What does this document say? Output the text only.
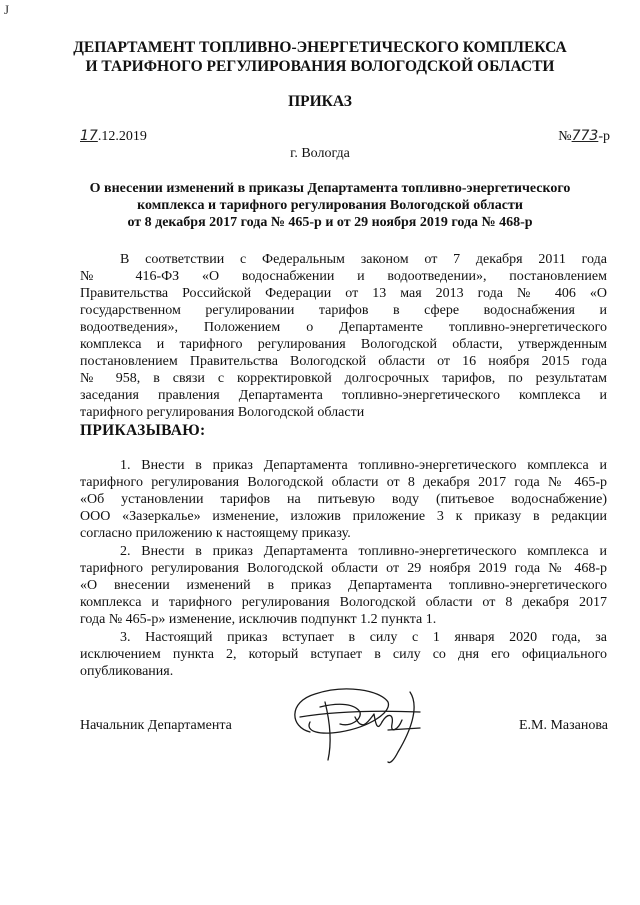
Ј
ДЕПАРТАМЕНТ ТОПЛИВНО-ЭНЕРГЕТИЧЕСКОГО КОМПЛЕКСА
И ТАРИФНОГО РЕГУЛИРОВАНИЯ ВОЛОГОДСКОЙ ОБЛАСТИ
ПРИКАЗ
17.12.2019	№773-р
г. Вологда
О внесении изменений в приказы Департамента топливно-энергетического
комплекса и тарифного регулирования Вологодской области
от 8 декабря 2017 года № 465-р и от 29 ноября 2019 года № 468-р
В соответствии с Федеральным законом от 7 декабря 2011 года
№ 416-ФЗ «О водоснабжении и водоотведении», постановлением
Правительства Российской Федерации от 13 мая 2013 года № 406 «О
государственном регулировании тарифов в сфере водоснабжения и
водоотведения», Положением о Департаменте топливно-энергетического
комплекса и тарифного регулирования Вологодской области, утвержденным
постановлением Правительства Вологодской области от 16 ноября 2015 года
№ 958, в связи с корректировкой долгосрочных тарифов, по результатам
заседания правления Департамента топливно-энергетического комплекса и
тарифного регулирования Вологодской области
ПРИКАЗЫВАЮ:
1. Внести в приказ Департамента топливно-энергетического комплекса и
тарифного регулирования Вологодской области от 8 декабря 2017 года № 465-р
«Об установлении тарифов на питьевую воду (питьевое водоснабжение)
ООО «Зазеркалье» изменение, изложив приложение 3 к приказу в редакции
согласно приложению к настоящему приказу.
2. Внести в приказ Департамента топливно-энергетического комплекса и
тарифного регулирования Вологодской области от 29 ноября 2019 года № 468-р
«О внесении изменений в приказ Департамента топливно-энергетического
комплекса и тарифного регулирования Вологодской области от 8 декабря 2017
года № 465-р» изменение, исключив подпункт 1.2 пункта 1.
3. Настоящий приказ вступает в силу с 1 января 2020 года, за
исключением пункта 2, который вступает в силу со дня его официального
опубликования.
Начальник Департамента	Е.М. Мазанова
